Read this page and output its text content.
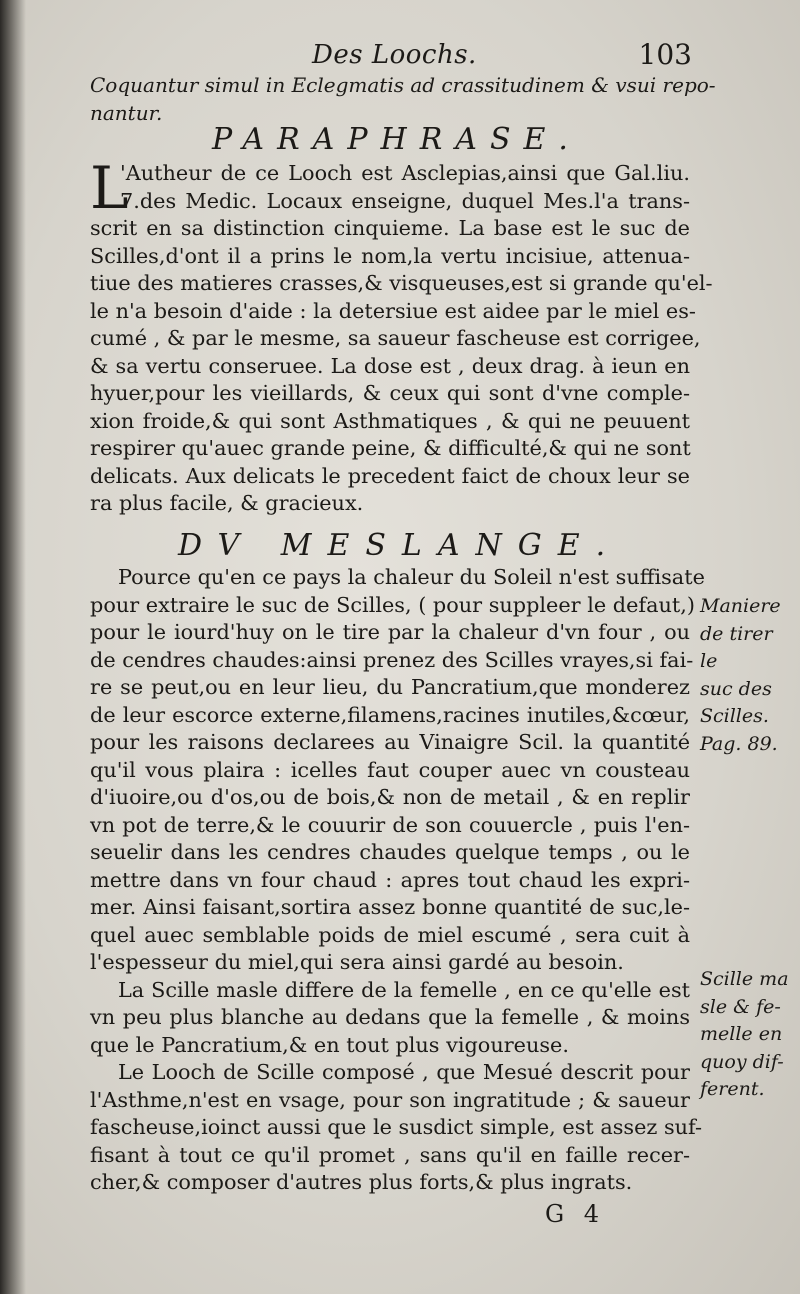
Des Loochs.	103
Coquantur simul in Eclegmatis ad crassitudinem & vsui repo-
nantur.
PARAPHRASE.
L
'Autheur de ce Looch est Asclepias,ainsi que Gal.liu.
7.des Medic. Locaux enseigne, duquel Mes.l'a trans-
scrit en sa distinction cinquieme. La base est le suc de
Scilles,d'ont il a prins le nom,la vertu incisiue, attenua-
tiue des matieres crasses,& visqueuses,est si grande qu'el-
le n'a besoin d'aide : la detersiue est aidee par le miel es-
cumé , & par le mesme, sa saueur fascheuse est corrigee,
& sa vertu conseruee. La dose est , deux drag. à ieun en
hyuer,pour les vieillards, & ceux qui sont d'vne comple-
xion froide,& qui sont Asthmatiques , & qui ne peuuent
respirer qu'auec grande peine, & difficulté,& qui ne sont
delicats. Aux delicats le precedent faict de choux leur se
ra plus facile, & gracieux.
DV MESLANGE.
Pource qu'en ce pays la chaleur du Soleil n'est suffisate
pour extraire le suc de Scilles, ( pour suppleer le defaut,)
pour le iourd'huy on le tire par la chaleur d'vn four , ou
de cendres chaudes:ainsi prenez des Scilles vrayes,si fai-
re se peut,ou en leur lieu, du Pancratium,que monderez
de leur escorce externe,filamens,racines inutiles,&cœur,
pour les raisons declarees au Vinaigre Scil. la quantité
qu'il vous plaira : icelles faut couper auec vn cousteau
d'iuoire,ou d'os,ou de bois,& non de metail , & en replir
vn pot de terre,& le couurir de son couuercle , puis l'en-
seuelir dans les cendres chaudes quelque temps , ou le
mettre dans vn four chaud : apres tout chaud les expri-
mer. Ainsi faisant,sortira assez bonne quantité de suc,le-
quel auec semblable poids de miel escumé , sera cuit à
l'espesseur du miel,qui sera ainsi gardé au besoin.
La Scille masle differe de la femelle , en ce qu'elle est
vn peu plus blanche au dedans que la femelle , & moins
que le Pancratium,& en tout plus vigoureuse.
Le Looch de Scille composé , que Mesué descrit pour
l'Asthme,n'est en vsage, pour son ingratitude ; & saueur
fascheuse,ioinct aussi que le susdict simple, est assez suf-
fisant à tout ce qu'il promet , sans qu'il en faille recer-
cher,& composer d'autres plus forts,& plus ingrats.
Maniere
de tirer le
suc des
Scilles.
Pag. 89.
Scille ma
sle & fe-
melle en
quoy dif-
ferent.
G 4
